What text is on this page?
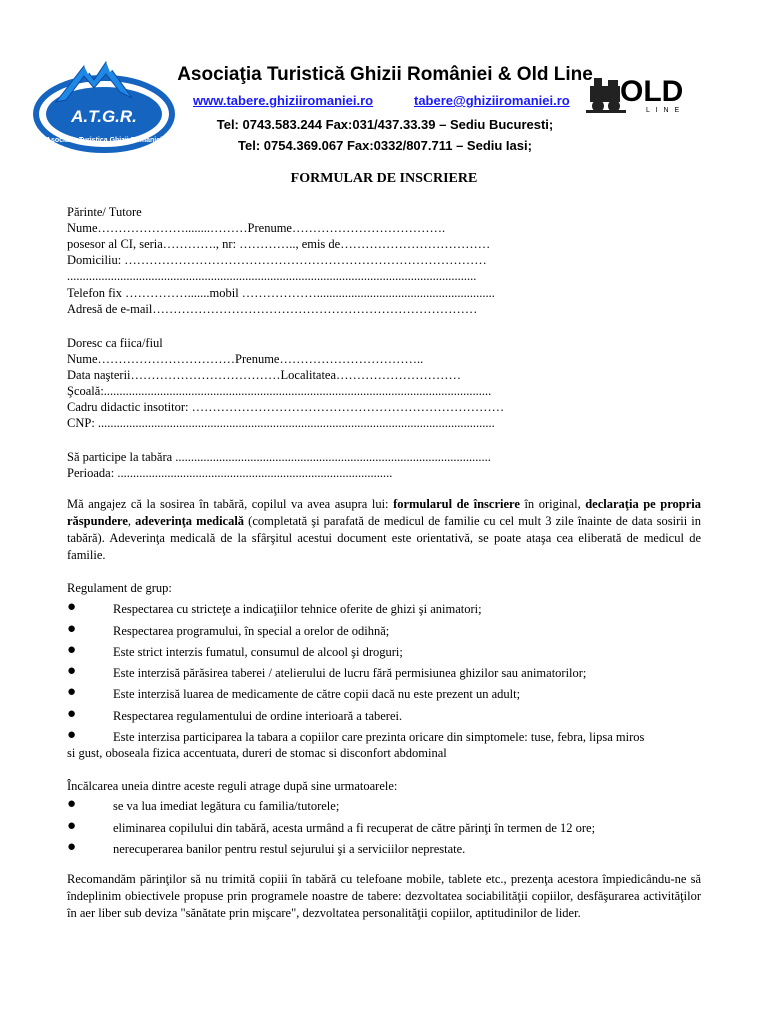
A.T.G.R.
Asociatia Turistica Ghizii Romaniei
OLD
L I N E
Asociaţia Turistică Ghizii României & Old Line
www.tabere.ghiziiromaniei.ro	tabere@ghiziiromaniei.ro
Tel: 0743.583.244 Fax:031/437.33.39 – Sediu Bucuresti;
Tel: 0754.369.067 Fax:0332/807.711 – Sediu Iasi;
FORMULAR DE INSCRIERE
Părinte/ Tutore
Nume…………………........………Prenume……………………………….
posesor al CI, seria…………., nr: ………….., emis de………………………………
Domiciliu: ……………………………………………………………………………
...................................................................................................................................
Telefon fix …………….......mobil ……………….........................................................
Adresă de e-mail……………………………………………………………………
Doresc ca fiica/fiul
Nume……………………………Prenume……………………………..
Data naşterii………………………………Localitatea…………………………
Şcoală:............................................................................................................................
Cadru didactic insotitor: …………………………………………………………………
CNP: ...............................................................................................................................
Să participe la tabăra .....................................................................................................
Perioada: ........................................................................................
Mă angajez că la sosirea în tabără, copilul va avea asupra lui: formularul de înscriere în original, declaraţia pe propria răspundere, adeverinţa medicală (completată şi parafată de medicul de familie cu cel mult 3 zile înainte de data sosirii in tabără). Adeverinţa medicală de la sfârşitul acestui document este orientativă, se poate ataşa cea eliberată de medicul de familie.
Regulament de grup:
●	Respectarea cu stricteţe a indicaţiilor tehnice oferite de ghizi şi animatori;
●	Respectarea programului, în special a orelor de odihnă;
●	Este strict interzis fumatul, consumul de alcool şi droguri;
●	Este interzisă părăsirea taberei / atelierului de lucru fără permisiunea ghizilor sau animatorilor;
●	Este interzisă luarea de medicamente de către copii dacă nu este prezent un adult;
●	Respectarea regulamentului de ordine interioară a taberei.
●	Este interzisa participarea la tabara a copiilor care prezinta oricare din simptomele: tuse, febra, lipsa miros
si gust, oboseala fizica accentuata, dureri de stomac si disconfort abdominal
Încălcarea uneia dintre aceste reguli atrage după sine urmatoarele:
●	se va lua imediat legătura cu familia/tutorele;
●	eliminarea copilului din tabără, acesta urmând a fi recuperat de către părinţi în termen de 12 ore;
●	nerecuperarea banilor pentru restul sejurului şi a serviciilor neprestate.
Recomandăm părinţilor să nu trimită copiii în tabără cu telefoane mobile, tablete etc., prezenţa acestora împiedicându-ne să îndeplinim obiectivele propuse prin programele noastre de tabere: dezvoltatea sociabilităţii copiilor, desfăşurarea activităţilor în aer liber sub deviza "sănătate prin mişcare", dezvoltatea personalităţii copiilor, aptitudinilor de lider.
